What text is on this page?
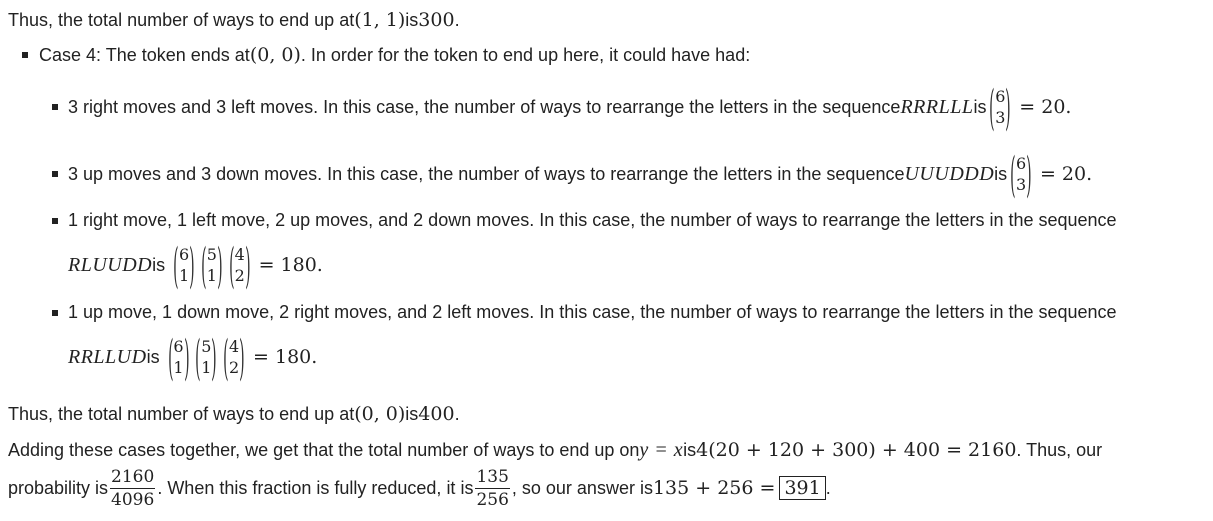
Thus, the total number of ways to end up at (1, 1) is 300 .
Case 4: The token ends at (0, 0) . In order for the token to end up here, it could have had:
3 right moves and 3 left moves. In this case, the number of ways to rearrange the letters in the sequence RRRLLL is ( 6
3 ) = 20.
3 up moves and 3 down moves. In this case, the number of ways to rearrange the letters in the sequence UUUDDD is ( 6
3 ) = 20.
1 right move, 1 left move, 2 up moves, and 2 down moves. In this case, the number of ways to rearrange the letters in the sequence
RLUUDD is ( 6
1 ) ( 5
1 ) ( 4
2 ) = 180.
1 up move, 1 down move, 2 right moves, and 2 left moves. In this case, the number of ways to rearrange the letters in the sequence
RRLLUD is ( 6
1 ) ( 5
1 ) ( 4
2 ) = 180.
Thus, the total number of ways to end up at (0, 0) is 400 .
Adding these cases together, we get that the total number of ways to end up on y = x is 4(20 + 120 + 300) + 400 = 2160 . Thus, our
probability is $\frac{2160}{4096}$ . When this fraction is fully reduced, it is $\frac{135}{256}$ , so our answer is 135 + 256 = 391 .
